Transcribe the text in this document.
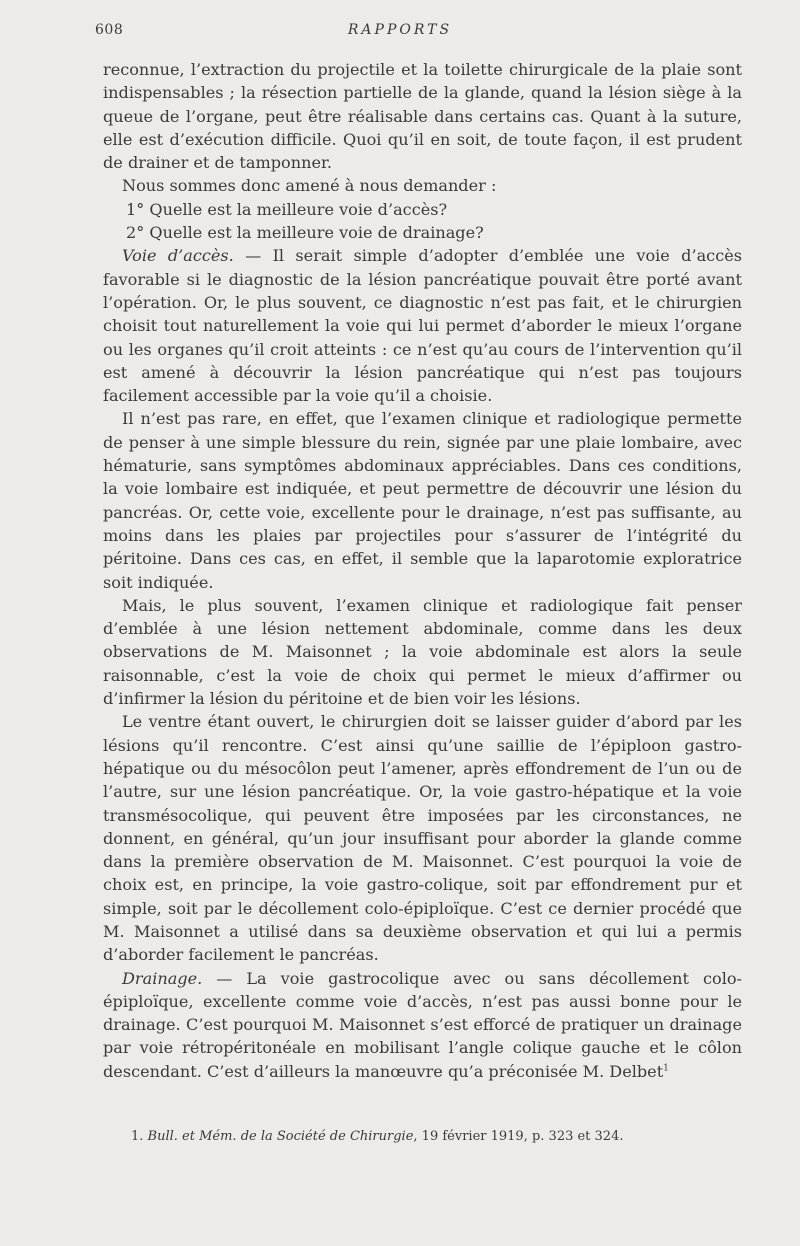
608	RAPPORTS

reconnue, l’extraction du projectile et la toilette chirurgicale de la plaie sont indispensables ; la résection partielle de la glande, quand la lésion siège à la queue de l’organe, peut être réalisable dans certains cas. Quant à la suture, elle est d’exécution difficile. Quoi qu’il en soit, de toute façon, il est prudent de drainer et de tamponner.

Nous sommes donc amené à nous demander :

1° Quelle est la meilleure voie d’accès?

2° Quelle est la meilleure voie de drainage?

Voie d’accès. — Il serait simple d’adopter d’emblée une voie d’accès favorable si le diagnostic de la lésion pancréatique pouvait être porté avant l’opération. Or, le plus souvent, ce diagnostic n’est pas fait, et le chirurgien choisit tout naturellement la voie qui lui permet d’aborder le mieux l’organe ou les organes qu’il croit atteints : ce n’est qu’au cours de l’intervention qu’il est amené à découvrir la lésion pancréatique qui n’est pas toujours facilement accessible par la voie qu’il a choisie.

Il n’est pas rare, en effet, que l’examen clinique et radiologique permette de penser à une simple blessure du rein, signée par une plaie lombaire, avec hématurie, sans symptômes abdominaux appréciables. Dans ces conditions, la voie lombaire est indiquée, et peut permettre de découvrir une lésion du pancréas. Or, cette voie, excellente pour le drainage, n’est pas suffisante, au moins dans les plaies par projectiles pour s’assurer de l’intégrité du péritoine. Dans ces cas, en effet, il semble que la laparotomie exploratrice soit indiquée.

Mais, le plus souvent, l’examen clinique et radiologique fait penser d’emblée à une lésion nettement abdominale, comme dans les deux observations de M. Maisonnet ; la voie abdominale est alors la seule raisonnable, c’est la voie de choix qui permet le mieux d’affirmer ou d’infirmer la lésion du péritoine et de bien voir les lésions.

Le ventre étant ouvert, le chirurgien doit se laisser guider d’abord par les lésions qu’il rencontre. C’est ainsi qu’une saillie de l’épiploon gastro-hépatique ou du mésocôlon peut l’amener, après effondrement de l’un ou de l’autre, sur une lésion pancréatique. Or, la voie gastro-hépatique et la voie transmésocolique, qui peuvent être imposées par les circonstances, ne donnent, en général, qu’un jour insuffisant pour aborder la glande comme dans la première observation de M. Maisonnet. C’est pourquoi la voie de choix est, en principe, la voie gastro-colique, soit par effondrement pur et simple, soit par le décollement colo-épiploïque. C’est ce dernier procédé que M. Maisonnet a utilisé dans sa deuxième observation et qui lui a permis d’aborder facilement le pancréas.

Drainage. — La voie gastrocolique avec ou sans décollement colo-épiploïque, excellente comme voie d’accès, n’est pas aussi bonne pour le drainage. C’est pourquoi M. Maisonnet s’est efforcé de pratiquer un drainage par voie rétropéritonéale en mobilisant l’angle colique gauche et le côlon descendant. C’est d’ailleurs la manœuvre qu’a préconisée M. Delbet$^1$

1. Bull. et Mém. de la Société de Chirurgie, 19 février 1919, p. 323 et 324.
